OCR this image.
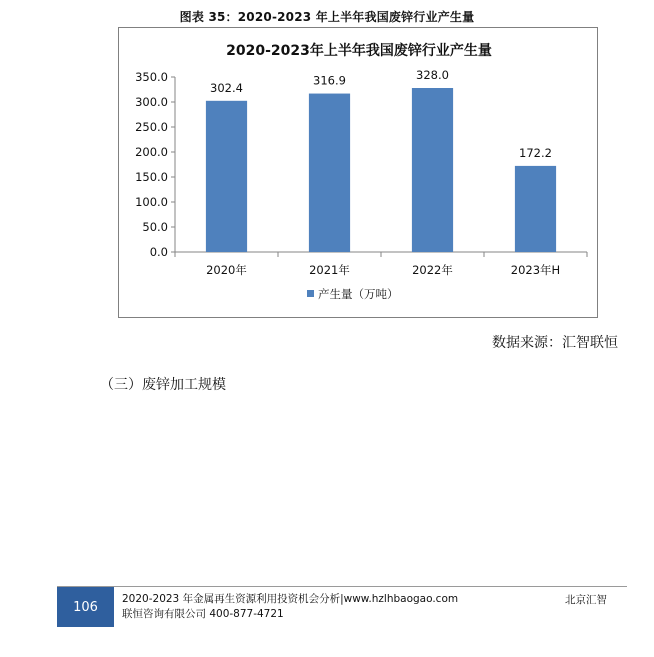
图表 35：2020-2023 年上半年我国废锌行业产生量
2020-2023年上半年我国废锌行业产生量
0.0
50.0
100.0
150.0
200.0
250.0
300.0
350.0
2020年	2021年	2022年	2023年H
302.4
316.9	328.0
172.2
产生量（万吨）
数据来源：汇智联恒
（三）废锌加工规模
106
2020-2023 年金属再生资源利用投资机会分析|www.hzlhbaogao.com
联恒咨询有限公司 400-877-4721
北京汇智
